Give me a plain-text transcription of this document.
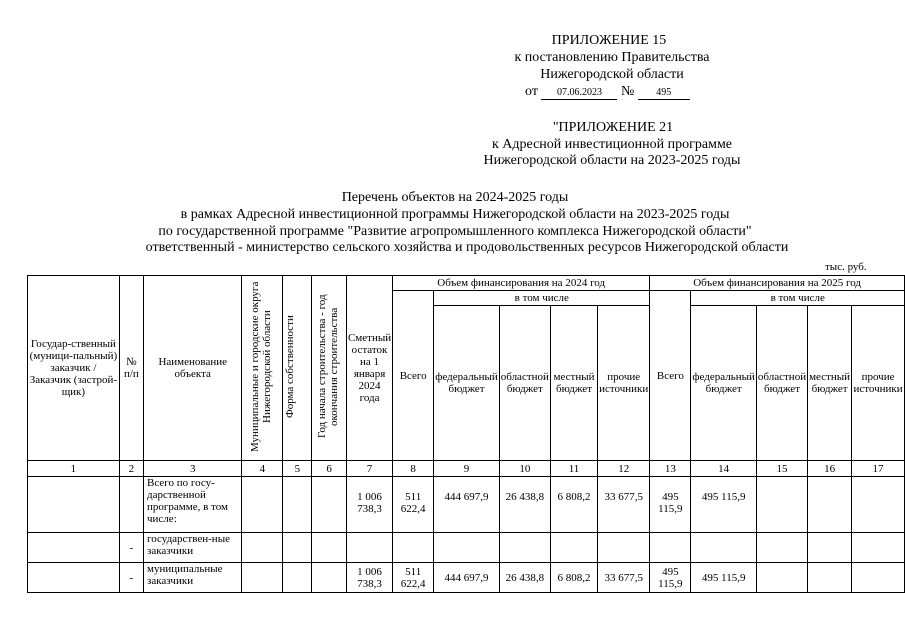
ПРИЛОЖЕНИЕ 15
к постановлению Правительства
Нижегородской области
от 07.06.2023 № 495
"ПРИЛОЖЕНИЕ 21
к Адресной инвестиционной программе
Нижегородской области на 2023-2025 годы
Перечень объектов на 2024-2025 годы
в рамках Адресной инвестиционной программы Нижегородской области на 2023-2025 годы
по государственной программе "Развитие агропромышленного комплекса Нижегородской области"
ответственный - министерство сельского хозяйства и продовольственных ресурсов Нижегородской области
тыс. руб.
Государ-ственный (муници-пальный) заказчик / Заказчик (застрой-щик)	№ п/п	Наименование объекта	Муниципальные и городские округа Нижегородской области	Форма собственности	Год начала строительства - год окончания строительства	Сметный остаток на 1 января 2024 года	Объем финансирования на 2024 год					Объем финансирования на 2025 год				
							Всего	в том числе				Всего	в том числе			
								федеральный бюджет	областной бюджет	местный бюджет	прочие источники		федеральный бюджет	областной бюджет	местный бюджет	прочие источники
1	2	3	4	5	6	7	8	9	10	11	12	13	14	15	16	17
		Всего по госу-дарственной программе, в том числе:				1 006 738,3	511 622,4	444 697,9	26 438,8	6 808,2	33 677,5	495 115,9	495 115,9			
	-	государствен-ные заказчики														
	-	муниципальные заказчики				1 006 738,3	511 622,4	444 697,9	26 438,8	6 808,2	33 677,5	495 115,9	495 115,9			
